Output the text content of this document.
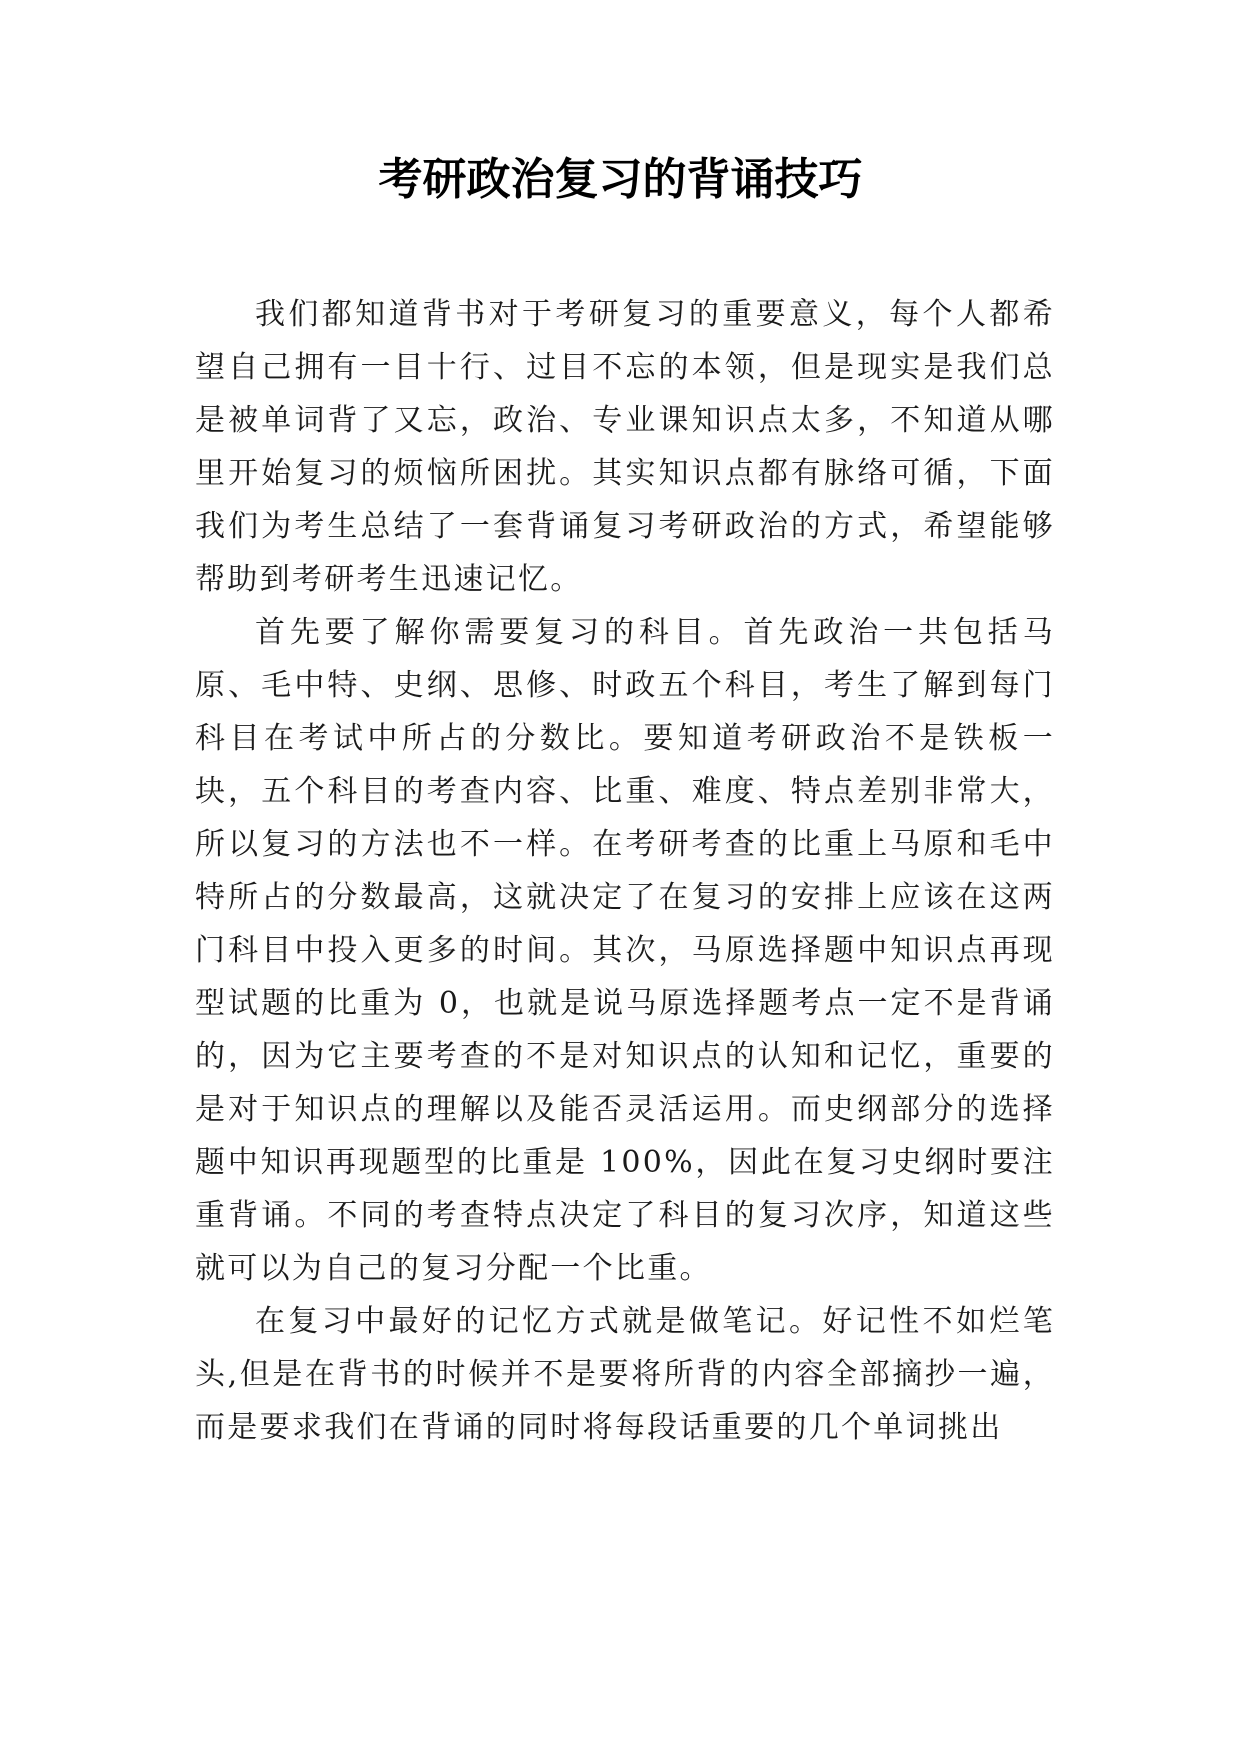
考研政治复习的背诵技巧

我们都知道背书对于考研复习的重要意义，每个人都希望自己拥有一目十行、过目不忘的本领，但是现实是我们总是被单词背了又忘，政治、专业课知识点太多，不知道从哪里开始复习的烦恼所困扰。其实知识点都有脉络可循，下面我们为考生总结了一套背诵复习考研政治的方式，希望能够帮助到考研考生迅速记忆。

首先要了解你需要复习的科目。首先政治一共包括马原、毛中特、史纲、思修、时政五个科目，考生了解到每门科目在考试中所占的分数比。要知道考研政治不是铁板一块，五个科目的考查内容、比重、难度、特点差别非常大，所以复习的方法也不一样。在考研考查的比重上马原和毛中特所占的分数最高，这就决定了在复习的安排上应该在这两门科目中投入更多的时间。其次，马原选择题中知识点再现型试题的比重为 0，也就是说马原选择题考点一定不是背诵的，因为它主要考查的不是对知识点的认知和记忆，重要的是对于知识点的理解以及能否灵活运用。而史纲部分的选择题中知识再现题型的比重是 100%，因此在复习史纲时要注重背诵。不同的考查特点决定了科目的复习次序，知道这些就可以为自己的复习分配一个比重。

在复习中最好的记忆方式就是做笔记。好记性不如烂笔头,但是在背书的时候并不是要将所背的内容全部摘抄一遍，而是要求我们在背诵的同时将每段话重要的几个单词挑出
